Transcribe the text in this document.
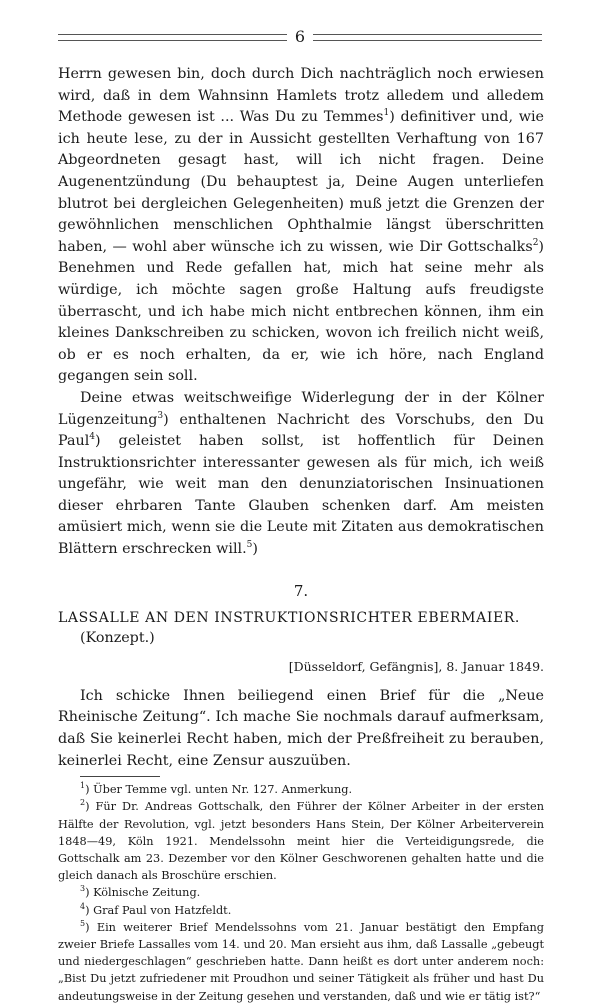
6

Herrn gewesen bin, doch durch Dich nachträglich noch erwiesen wird, daß in dem Wahnsinn Hamlets trotz alledem und alledem Methode gewesen ist ... Was Du zu Temmes$^1$) definitiver und, wie ich heute lese, zu der in Aussicht gestellten Verhaftung von 167 Abgeordneten gesagt hast, will ich nicht fragen. Deine Augenentzündung (Du behauptest ja, Deine Augen unterliefen blutrot bei dergleichen Gelegenheiten) muß jetzt die Grenzen der gewöhnlichen menschlichen Ophthalmie längst überschritten haben, — wohl aber wünsche ich zu wissen, wie Dir Gottschalks$^2$) Benehmen und Rede gefallen hat, mich hat seine mehr als würdige, ich möchte sagen große Haltung aufs freudigste überrascht, und ich habe mich nicht entbrechen können, ihm ein kleines Dankschreiben zu schicken, wovon ich freilich nicht weiß, ob er es noch erhalten, da er, wie ich höre, nach England gegangen sein soll.

Deine etwas weitschweifige Widerlegung der in der Kölner Lügenzeitung$^3$) enthaltenen Nachricht des Vorschubs, den Du Paul$^4$) geleistet haben sollst, ist hoffentlich für Deinen Instruktionsrichter interessanter gewesen als für mich, ich weiß ungefähr, wie weit man den denunziatorischen Insinuationen dieser ehrbaren Tante Glauben schenken darf. Am meisten amüsiert mich, wenn sie die Leute mit Zitaten aus demokratischen Blättern erschrecken will.$^5$)

7.
LASSALLE AN DEN INSTRUKTIONSRICHTER EBERMAIER.
(Konzept.)
[Düsseldorf, Gefängnis], 8. Januar 1849.

Ich schicke Ihnen beiliegend einen Brief für die „Neue Rheinische Zeitung“. Ich mache Sie nochmals darauf aufmerksam, daß Sie keinerlei Recht haben, mich der Preßfreiheit zu berauben, keinerlei Recht, eine Zensur auszuüben.

$^1$) Über Temme vgl. unten Nr. 127. Anmerkung.

$^2$) Für Dr. Andreas Gottschalk, den Führer der Kölner Arbeiter in der ersten Hälfte der Revolution, vgl. jetzt besonders Hans Stein, Der Kölner Arbeiterverein 1848—49, Köln 1921. Mendelssohn meint hier die Verteidigungsrede, die Gottschalk am 23. Dezember vor den Kölner Geschworenen gehalten hatte und die gleich danach als Broschüre erschien.

$^3$) Kölnische Zeitung.

$^4$) Graf Paul von Hatzfeldt.

$^5$) Ein weiterer Brief Mendelssohns vom 21. Januar bestätigt den Empfang zweier Briefe Lassalles vom 14. und 20. Man ersieht aus ihm, daß Lassalle „gebeugt und niedergeschlagen“ geschrieben hatte. Dann heißt es dort unter anderem noch: „Bist Du jetzt zufriedener mit Proudhon und seiner Tätigkeit als früher und hast Du andeutungsweise in der Zeitung gesehen und verstanden, daß und wie er tätig ist?“
